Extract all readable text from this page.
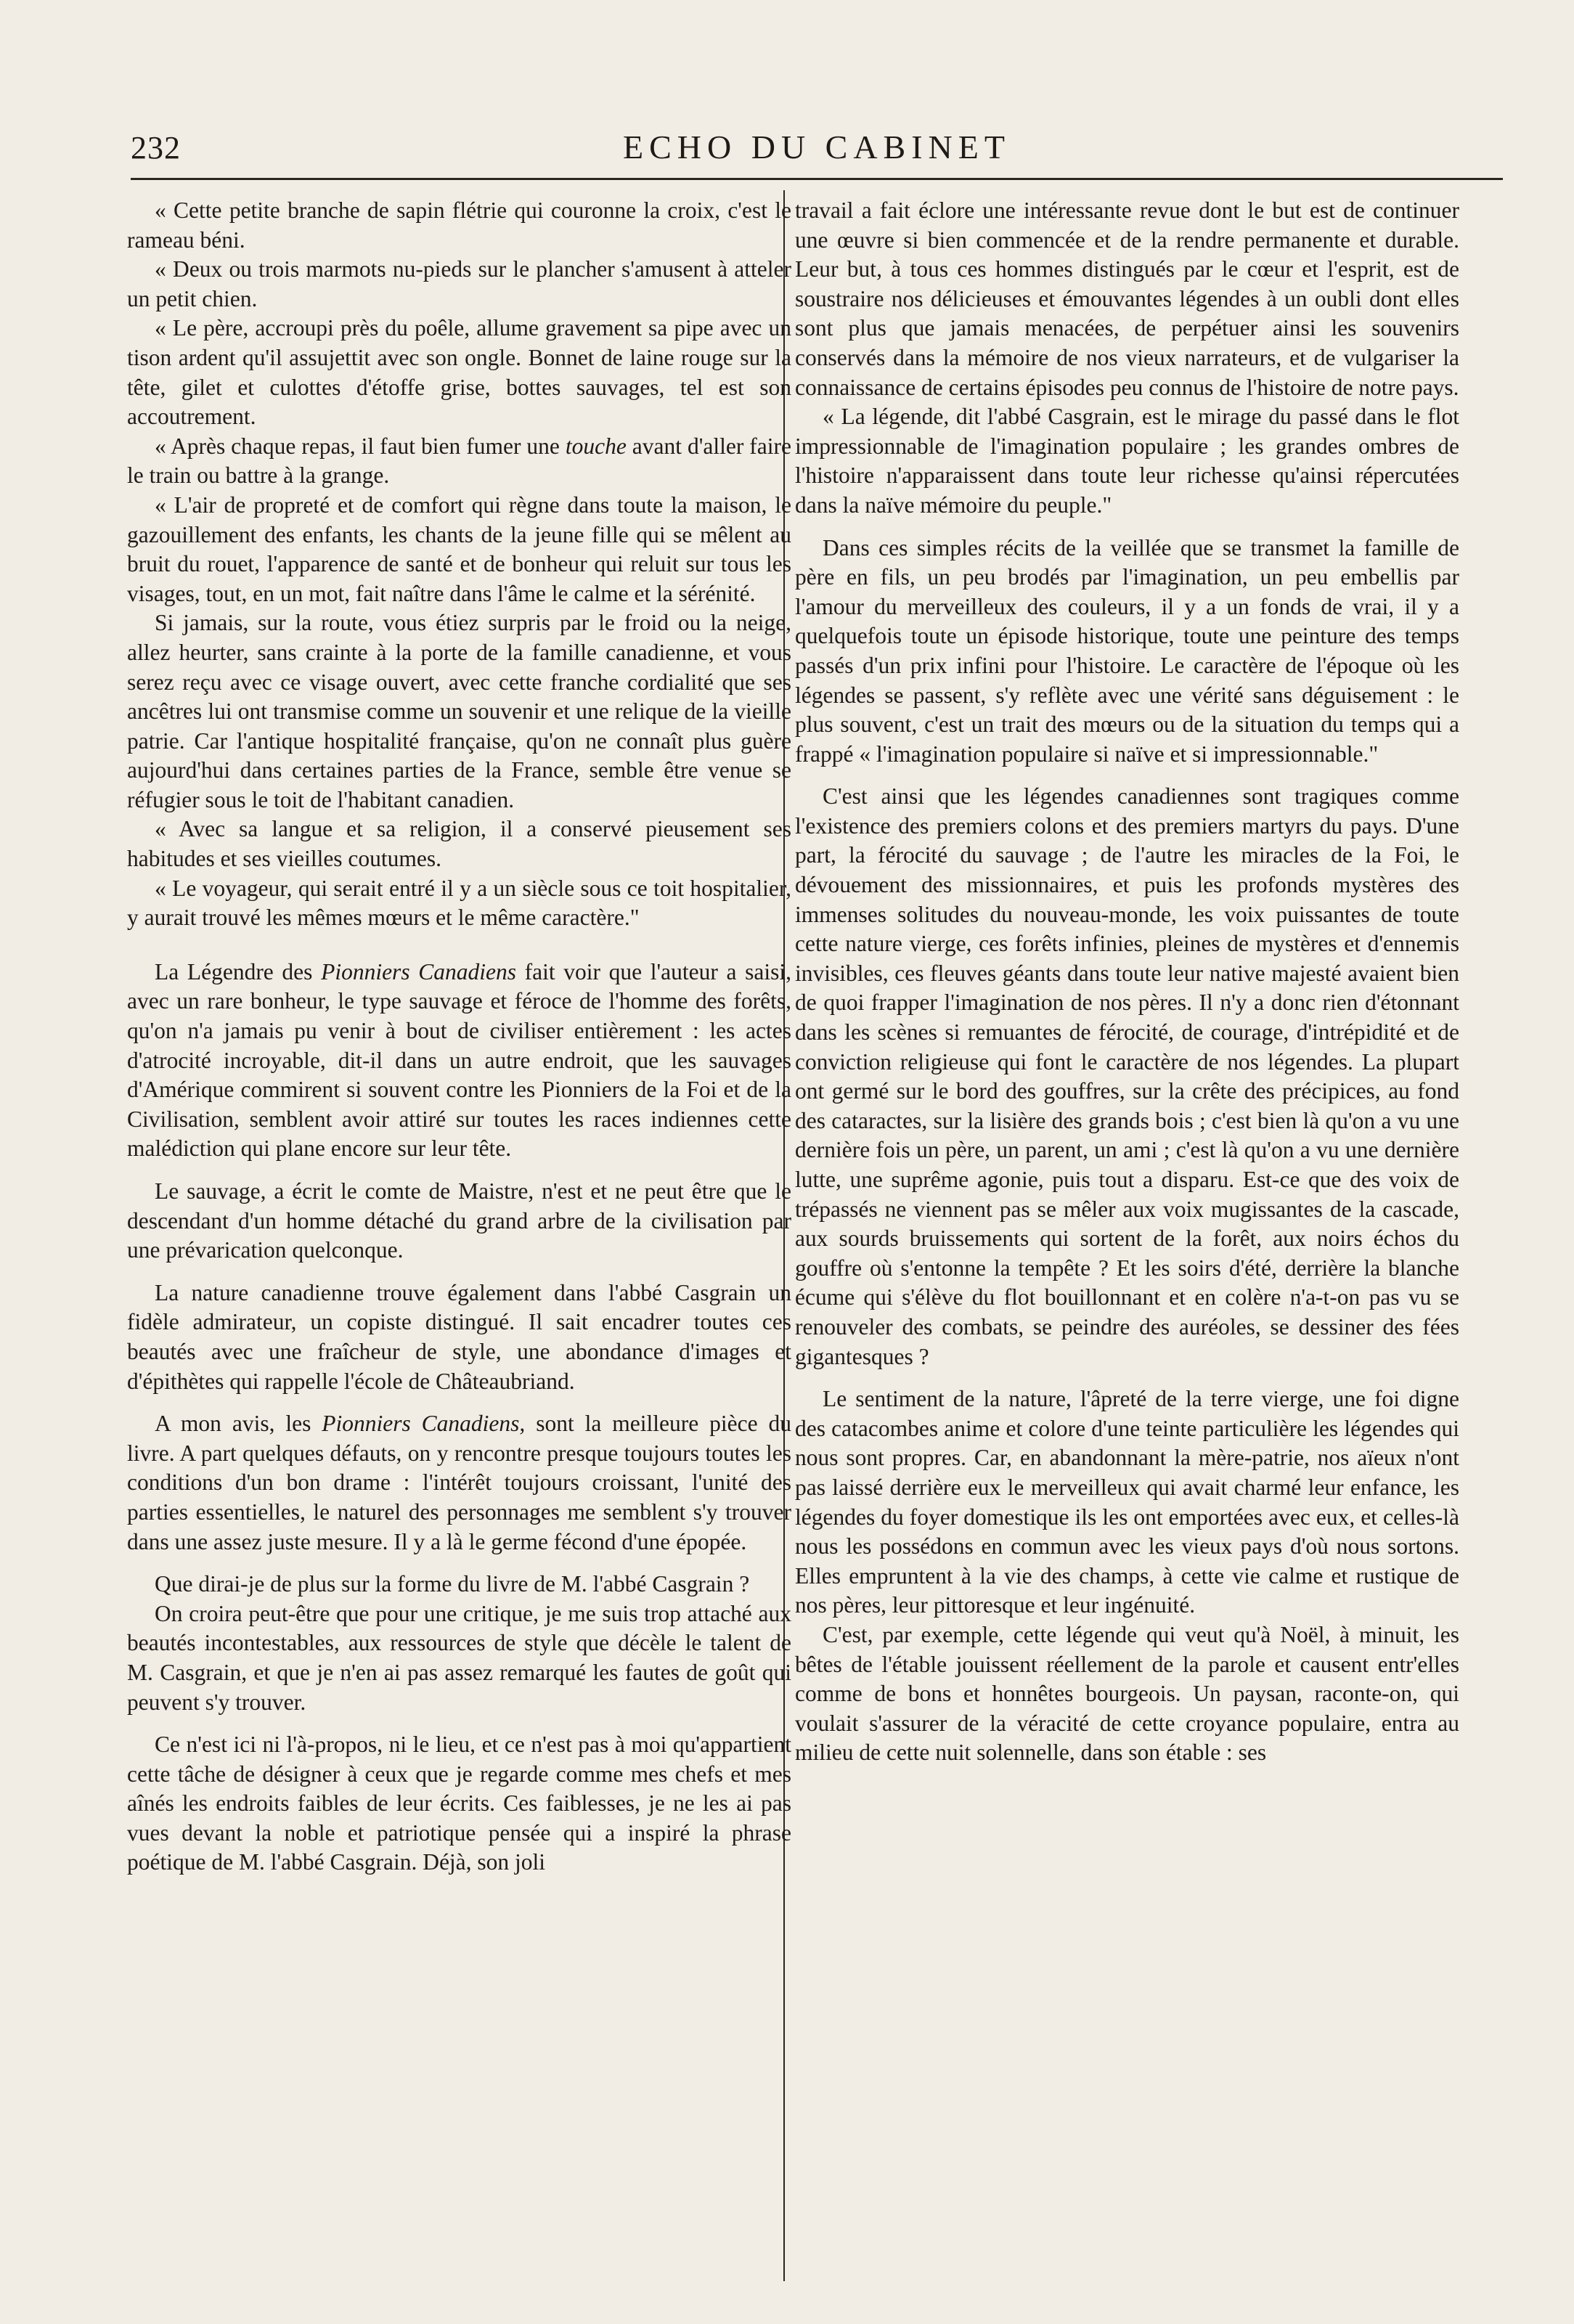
232	ECHO DU CABINET

« Cette petite branche de sapin flétrie qui couronne la croix, c'est le rameau béni.

« Deux ou trois marmots nu-pieds sur le plancher s'amusent à atteler un petit chien.

« Le père, accroupi près du poêle, allume gravement sa pipe avec un tison ardent qu'il assujettit avec son ongle. Bonnet de laine rouge sur la tête, gilet et culottes d'étoffe grise, bottes sauvages, tel est son accoutrement.

« Après chaque repas, il faut bien fumer une touche avant d'aller faire le train ou battre à la grange.

« L'air de propreté et de comfort qui règne dans toute la maison, le gazouillement des enfants, les chants de la jeune fille qui se mêlent au bruit du rouet, l'apparence de santé et de bonheur qui reluit sur tous les visages, tout, en un mot, fait naître dans l'âme le calme et la sérénité.

Si jamais, sur la route, vous étiez surpris par le froid ou la neige, allez heurter, sans crainte à la porte de la famille canadienne, et vous serez reçu avec ce visage ouvert, avec cette franche cordialité que ses ancêtres lui ont transmise comme un souvenir et une relique de la vieille patrie. Car l'antique hospitalité française, qu'on ne connaît plus guère aujourd'hui dans certaines parties de la France, semble être venue se réfugier sous le toit de l'habitant canadien.

« Avec sa langue et sa religion, il a conservé pieusement ses habitudes et ses vieilles coutumes.

« Le voyageur, qui serait entré il y a un siècle sous ce toit hospitalier, y aurait trouvé les mêmes mœurs et le même caractère."

La Légendre des Pionniers Canadiens fait voir que l'auteur a saisi, avec un rare bonheur, le type sauvage et féroce de l'homme des forêts, qu'on n'a jamais pu venir à bout de civiliser entièrement : les actes d'atrocité incroyable, dit-il dans un autre endroit, que les sauvages d'Amérique commirent si souvent contre les Pionniers de la Foi et de la Civilisation, semblent avoir attiré sur toutes les races indiennes cette malédiction qui plane encore sur leur tête.

Le sauvage, a écrit le comte de Maistre, n'est et ne peut être que le descendant d'un homme détaché du grand arbre de la civilisation par une prévarication quelconque.

La nature canadienne trouve également dans l'abbé Casgrain un fidèle admirateur, un copiste distingué. Il sait encadrer toutes ces beautés avec une fraîcheur de style, une abondance d'images et d'épithètes qui rappelle l'école de Châteaubriand.

A mon avis, les Pionniers Canadiens, sont la meilleure pièce du livre. A part quelques défauts, on y rencontre presque toujours toutes les conditions d'un bon drame : l'intérêt toujours croissant, l'unité des parties essentielles, le naturel des personnages me semblent s'y trouver dans une assez juste mesure. Il y a là le germe fécond d'une épopée.

Que dirai-je de plus sur la forme du livre de M. l'abbé Casgrain ?

On croira peut-être que pour une critique, je me suis trop attaché aux beautés incontestables, aux ressources de style que décèle le talent de M. Casgrain, et que je n'en ai pas assez remarqué les fautes de goût qui peuvent s'y trouver.

Ce n'est ici ni l'à-propos, ni le lieu, et ce n'est pas à moi qu'appartient cette tâche de désigner à ceux que je regarde comme mes chefs et mes aînés les endroits faibles de leur écrits. Ces faiblesses, je ne les ai pas vues devant la noble et patriotique pensée qui a inspiré la phrase poétique de M. l'abbé Casgrain. Déjà, son joli

travail a fait éclore une intéressante revue dont le but est de continuer une œuvre si bien commencée et de la rendre permanente et durable. Leur but, à tous ces hommes distingués par le cœur et l'esprit, est de soustraire nos délicieuses et émouvantes légendes à un oubli dont elles sont plus que jamais menacées, de perpétuer ainsi les souvenirs conservés dans la mémoire de nos vieux narrateurs, et de vulgariser la connaissance de certains épisodes peu connus de l'histoire de notre pays.

« La légende, dit l'abbé Casgrain, est le mirage du passé dans le flot impressionnable de l'imagination populaire ; les grandes ombres de l'histoire n'apparaissent dans toute leur richesse qu'ainsi répercutées dans la naïve mémoire du peuple."

Dans ces simples récits de la veillée que se transmet la famille de père en fils, un peu brodés par l'imagination, un peu embellis par l'amour du merveilleux des couleurs, il y a un fonds de vrai, il y a quelquefois toute un épisode historique, toute une peinture des temps passés d'un prix infini pour l'histoire. Le caractère de l'époque où les légendes se passent, s'y reflète avec une vérité sans déguisement : le plus souvent, c'est un trait des mœurs ou de la situation du temps qui a frappé « l'imagination populaire si naïve et si impressionnable."

C'est ainsi que les légendes canadiennes sont tragiques comme l'existence des premiers colons et des premiers martyrs du pays. D'une part, la férocité du sauvage ; de l'autre les miracles de la Foi, le dévouement des missionnaires, et puis les profonds mystères des immenses solitudes du nouveau-monde, les voix puissantes de toute cette nature vierge, ces forêts infinies, pleines de mystères et d'ennemis invisibles, ces fleuves géants dans toute leur native majesté avaient bien de quoi frapper l'imagination de nos pères. Il n'y a donc rien d'étonnant dans les scènes si remuantes de férocité, de courage, d'intrépidité et de conviction religieuse qui font le caractère de nos légendes. La plupart ont germé sur le bord des gouffres, sur la crête des précipices, au fond des cataractes, sur la lisière des grands bois ; c'est bien là qu'on a vu une dernière fois un père, un parent, un ami ; c'est là qu'on a vu une dernière lutte, une suprême agonie, puis tout a disparu. Est-ce que des voix de trépassés ne viennent pas se mêler aux voix mugissantes de la cascade, aux sourds bruissements qui sortent de la forêt, aux noirs échos du gouffre où s'entonne la tempête ? Et les soirs d'été, derrière la blanche écume qui s'élève du flot bouillonnant et en colère n'a-t-on pas vu se renouveler des combats, se peindre des auréoles, se dessiner des fées gigantesques ?

Le sentiment de la nature, l'âpreté de la terre vierge, une foi digne des catacombes anime et colore d'une teinte particulière les légendes qui nous sont propres. Car, en abandonnant la mère-patrie, nos aïeux n'ont pas laissé derrière eux le merveilleux qui avait charmé leur enfance, les légendes du foyer domestique ils les ont emportées avec eux, et celles-là nous les possédons en commun avec les vieux pays d'où nous sortons. Elles empruntent à la vie des champs, à cette vie calme et rustique de nos pères, leur pittoresque et leur ingénuité.

C'est, par exemple, cette légende qui veut qu'à Noël, à minuit, les bêtes de l'étable jouissent réellement de la parole et causent entr'elles comme de bons et honnêtes bourgeois. Un paysan, raconte-on, qui voulait s'assurer de la véracité de cette croyance populaire, entra au milieu de cette nuit solennelle, dans son étable : ses
